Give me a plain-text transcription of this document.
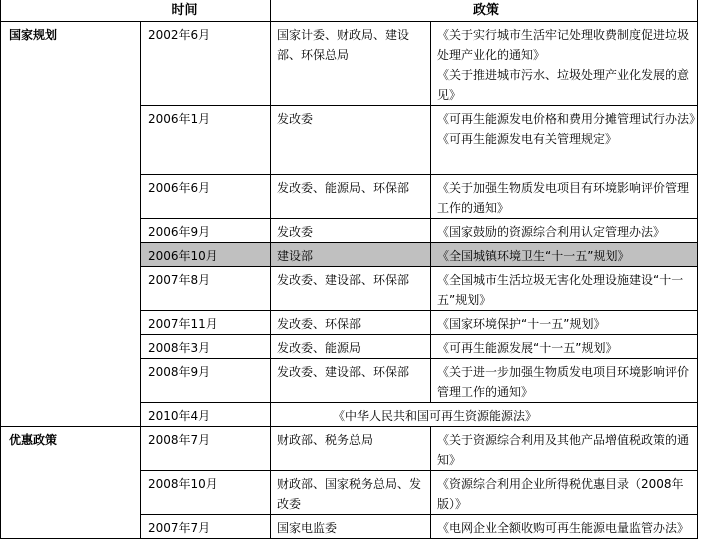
时间		政策	
国家规划	2002年6月	国家计委、财政局、建设部、环保总局	《关于实行城市生活牢记处理收费制度促进垃圾处理产业化的通知》
《关于推进城市污水、垃圾处理产业化发展的意见》

	2006年1月	发改委	《可再生能源发电价格和费用分摊管理试行办法》
《可再生能源发电有关管理规定》

	2006年6月	发改委、能源局、环保部	《关于加强生物质发电项目有环境影响评价管理工作的通知》

	2006年9月	发改委	《国家鼓励的资源综合利用认定管理办法》

	2006年10月	建设部	《全国城镇环境卫生“十一五”规划》

	2007年8月	发改委、建设部、环保部	《全国城市生活垃圾无害化处理设施建设“十一五”规划》

	2007年11月	发改委、环保部	《国家环境保护“十一五”规划》

	2008年3月	发改委、能源局	《可再生能源发展“十一五”规划》

	2008年9月	发改委、建设部、环保部	《关于进一步加强生物质发电项目环境影响评价管理工作的通知》

	2010年4月	《中华人民共和国可再生资源能源法》	

优惠政策	2008年7月	财政部、税务总局	《关于资源综合利用及其他产品增值税政策的通知》

	2008年10月	财政部、国家税务总局、发改委	《资源综合利用企业所得税优惠目录（2008年版）》

	2007年7月	国家电监委	《电网企业全额收购可再生能源电量监管办法》
